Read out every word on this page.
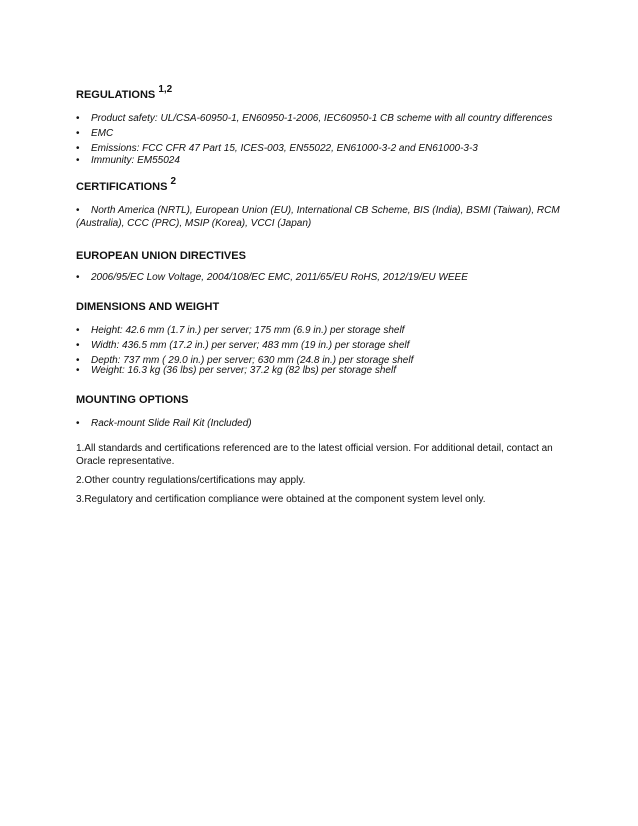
REGULATIONS $^{1,2}$

• Product safety: UL/CSA-60950-1, EN60950-1-2006, IEC60950-1 CB scheme with all country differences

• EMC

• Emissions: FCC CFR 47 Part 15, ICES-003, EN55022, EN61000-3-2 and EN61000-3-3

• Immunity: EM55024

CERTIFICATIONS $^2$

• North America (NRTL), European Union (EU), International CB Scheme, BIS (India), BSMI (Taiwan), RCM (Australia), CCC (PRC), MSIP (Korea), VCCI (Japan)

EUROPEAN UNION DIRECTIVES

• 2006/95/EC Low Voltage, 2004/108/EC EMC, 2011/65/EU RoHS, 2012/19/EU WEEE

DIMENSIONS AND WEIGHT

• Height: 42.6 mm (1.7 in.) per server; 175 mm (6.9 in.) per storage shelf

• Width: 436.5 mm (17.2 in.) per server; 483 mm (19 in.) per storage shelf

• Depth: 737 mm ( 29.0 in.) per server; 630 mm (24.8 in.) per storage shelf

• Weight: 16.3 kg (36 lbs) per server; 37.2 kg (82 lbs) per storage shelf

MOUNTING OPTIONS

• Rack-mount Slide Rail Kit (Included)

1.All standards and certifications referenced are to the latest official version. For additional detail, contact an Oracle representative.

2.Other country regulations/certifications may apply.

3.Regulatory and certification compliance were obtained at the component system level only.
